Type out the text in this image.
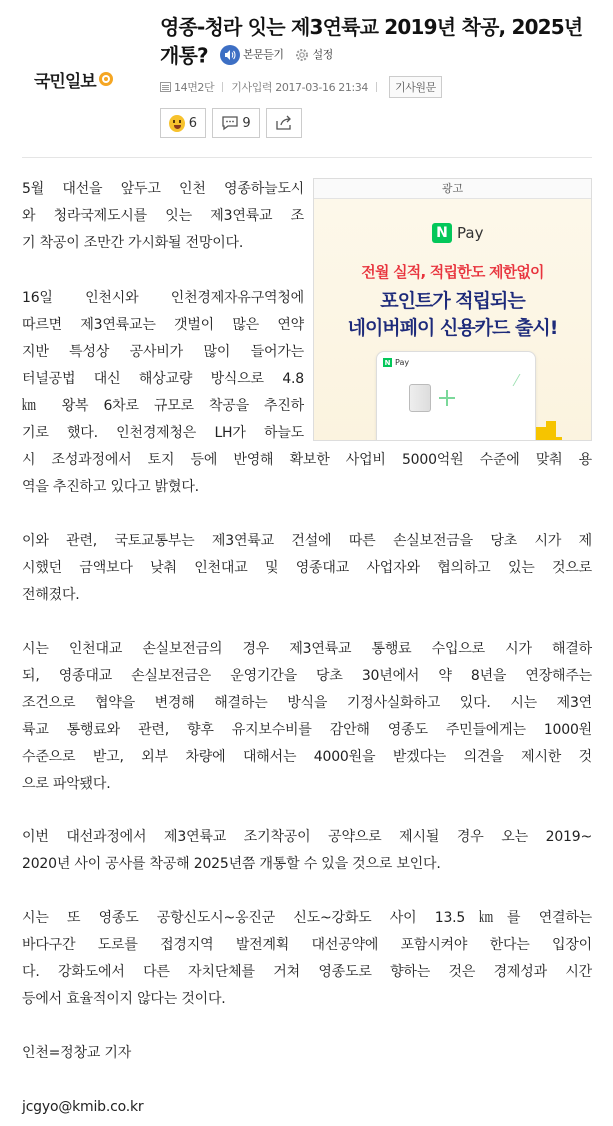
국민일보
영종-청라 잇는 제3연륙교 2019년 착공, 2025년
개통?	본문듣기	설정
14면2단 기사입력 2017-03-16 21:34	기사원문
6	9
광고
N Pay
전월 실적, 적립한도 제한없이
포인트가 적립되는
네이버페이 신용카드 출시!
N Pay
5월 대선을 앞두고 인천 영종하늘도시
와 청라국제도시를 잇는 제3연륙교 조
기 착공이 조만간 가시화될 전망이다.
16일 인천시와 인천경제자유구역청에
따르면 제3연륙교는 갯벌이 많은 연약
지반 특성상 공사비가 많이 들어가는
터널공법 대신 해상교량 방식으로 4.8
㎞ 왕복 6차로 규모로 착공을 추진하
기로 했다. 인천경제청은 LH가 하늘도
시 조성과정에서 토지 등에 반영해 확보한 사업비 5000억원 수준에 맞춰 용
역을 추진하고 있다고 밝혔다.
이와 관련, 국토교통부는 제3연륙교 건설에 따른 손실보전금을 당초 시가 제
시했던 금액보다 낮춰 인천대교 및 영종대교 사업자와 협의하고 있는 것으로
전해졌다.
시는 인천대교 손실보전금의 경우 제3연륙교 통행료 수입으로 시가 해결하
되, 영종대교 손실보전금은 운영기간을 당초 30년에서 약 8년을 연장해주는
조건으로 협약을 변경해 해결하는 방식을 기정사실화하고 있다. 시는 제3연
륙교 통행료와 관련, 향후 유지보수비를 감안해 영종도 주민들에게는 1000원
수준으로 받고, 외부 차량에 대해서는 4000원을 받겠다는 의견을 제시한 것
으로 파악됐다.
이번 대선과정에서 제3연륙교 조기착공이 공약으로 제시될 경우 오는 2019~
2020년 사이 공사를 착공해 2025년쯤 개통할 수 있을 것으로 보인다.
시는 또 영종도 공항신도시~옹진군 신도~강화도 사이 13.5㎞를 연결하는
바다구간 도로를 접경지역 발전계획 대선공약에 포함시켜야 한다는 입장이
다. 강화도에서 다른 자치단체를 거쳐 영종도로 향하는 것은 경제성과 시간
등에서 효율적이지 않다는 것이다.
인천=정창교 기자
jcgyo@kmib.co.kr
